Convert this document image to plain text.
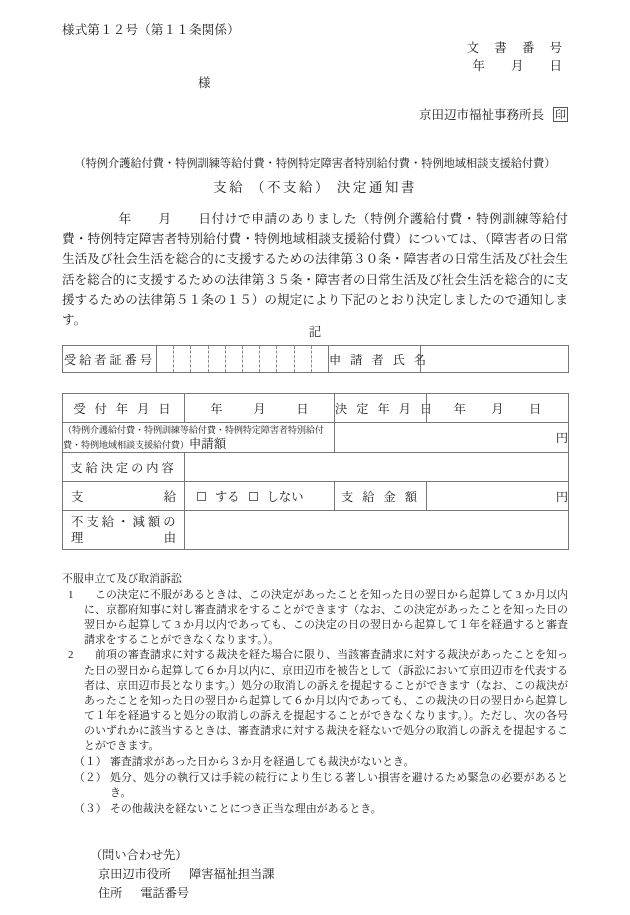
様式第１２号（第１１条関係）
文 書 番 号
年 月 日
様
京田辺市福祉事務所長 印
（特例介護給付費・特例訓練等給付費・特例特定障害者特別給付費・特例地域相談支援給付費）
支給 （不支給） 決定通知書
年 月 日付けで申請のありました（特例介護給付費・特例訓練等給付費・特例特定障害者特別給付費・特例地域相談支援給付費）については、（障害者の日常生活及び社会生活を総合的に支援するための法律第３０条・障害者の日常生活及び社会生活を総合的に支援するための法律第３５条・障害者の日常生活及び社会生活を総合的に支援するための法律第５１条の１５）の規定により下記のとおり決定しましたので通知します。
記
受給者証番号		申 請 者 氏 名	
受 付 年 月 日	年 月 日	決 定 年 月 日	年 月 日

（特例介護給付費・特例訓練等給付費・特例特定障害者特別給付費・特例地域相談支援給付費）申請額		円	
支給決定の内容			

支 給	する しない	支 給 金 額	円

不 支 給 ・ 減 額 の
理 由			

不服申立て及び取消訴訟
1 　この決定に不服があるときは、この決定があったことを知った日の翌日から起算して 3 か月以内に、京都府知事に対し審査請求をすることができます（なお、この決定があったことを知った日の翌日から起算して 3 か月以内であっても、この決定の日の翌日から起算して１年を経過すると審査請求をすることができなくなります。）。
2 　前項の審査請求に対する裁決を経た場合に限り、当該審査請求に対する裁決があったことを知った日の翌日から起算して６か月以内に、京田辺市を被告として（訴訟において京田辺市を代表する者は、京田辺市長となります。）処分の取消しの訴えを提起することができます（なお、この裁決があったことを知った日の翌日から起算して６か月以内であっても、この裁決の日の翌日から起算して１年を経過すると処分の取消しの訴えを提起することができなくなります。）。ただし、次の各号のいずれかに該当するときは、審査請求に対する裁決を経ないで処分の取消しの訴えを提起することができます。
（１） 審査請求があった日から３か月を経過しても裁決がないとき。
（２） 処分、処分の執行又は手続の続行により生じる著しい損害を避けるため緊急の必要があるとき。
（３） その他裁決を経ないことにつき正当な理由があるとき。
（問い合わせ先）
京田辺市役所 障害福祉担当課
住所 電話番号
